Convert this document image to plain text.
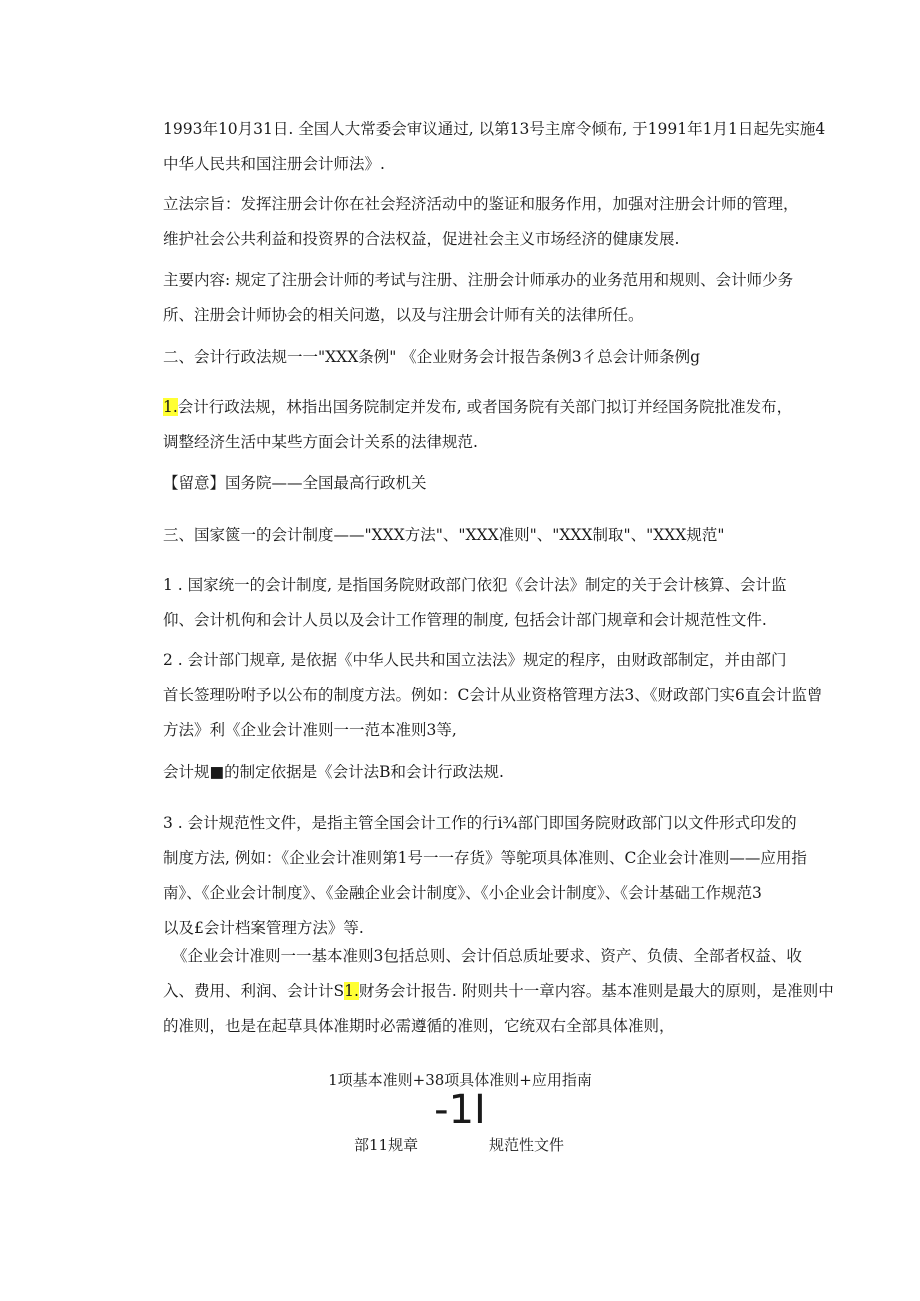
1993年10月31日. 全国人大常委会审议通过, 以第13号主席令倾布, 于1991年1月1日起先实施4
中华人民共和国注册会计师法》.
立法宗旨：发挥注册会计你在社会羟济活动中的鉴证和服务作用，加强对注册会计师的管理，
维护社会公共利益和投资界的合法权益，促进社会主义市场经济的健康发展.
主要内容: 规定了注册会计师的考试与注册、注册会计师承办的业务范用和规则、会计师少务
所、注册会计师协会的相关问遨，以及与注册会计师有关的法律所任。
二、会计行政法规一一"XXX条例" 《企业财务会计报告条例3彳总会计师条例g
1.会计行政法规，林指出国务院制定并发布, 或者国务院有关部门拟订并经国务院批准发布，
调整经济生活中某些方面会计关系的法律规范.
【留意】国务院——全国最高行政机关
三、国家篋一的会计制度——"XXX方法"、"XXX准则"、"XXX制取"、"XXX规范"
1 . 国家统一的会计制度, 是指国务院财政部门依犯《会计法》制定的关于会计核算、会计监
仰、会计机佝和会计人员以及会计工作管理的制度, 包括会计部门规章和会计规范性文件.
2 . 会计部门规章, 是依据《中华人民共和国立法法》规定的程序，由财政部制定，并由部门
首长签理吩咐予以公布的制度方法。例如：C会计从业资格管理方法3、《财政部门实6直会计监曾
方法》利《企业会计准则一一范本准则3等,
会计规■的制定依据是《会计法B和会计行政法规.
3 . 会计规范性文件，是指主管全国会计工作的行i¾部门即国务院财政部门以文件形式印发的
制度方法, 例如：《企业会计准则第1号一一存货》等鸵项具体准则、C企业会计准则——应用指
南》、《企业会计制度》、《金融企业会计制度》、《小企业会计制度》、《会计基础工作规范3
以及£会计档案管理方法》等.
《企业会计准则一一基本准则3包括总则、会计佰总质址要求、资产、负债、全部者权益、收
入、费用、利润、会计计S1.财务会计报告. 附则共十一章内容。基本准则是最大的原则，是准则中
的准则，也是在起草具体准期时必需遵循的准则，它统双右全部具体准则，

1项基本准则+38项具体准则+应用指南

-1I

部11规章	规范性文件
